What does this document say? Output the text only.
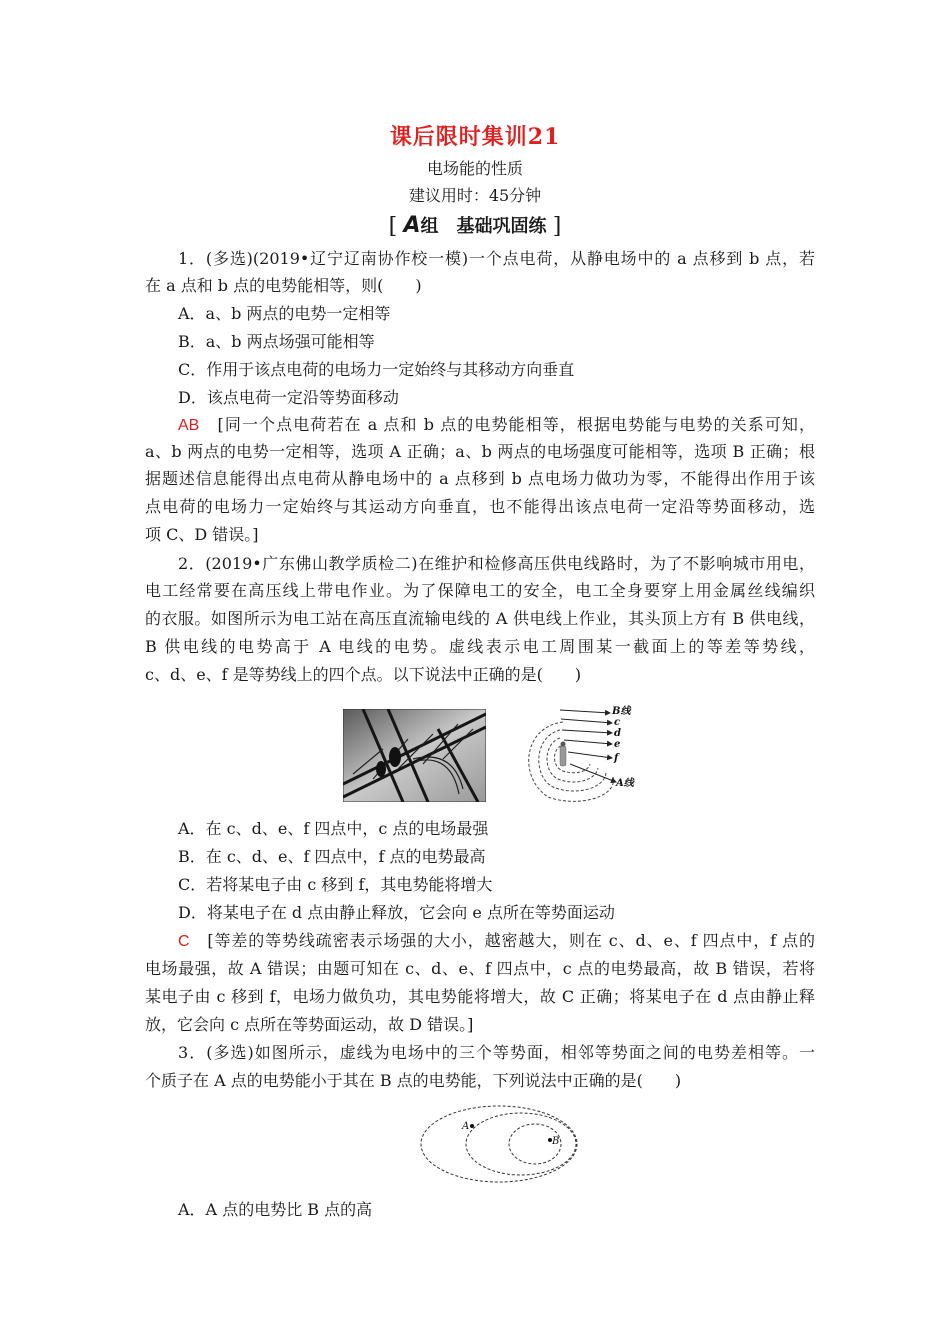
课后限时集训21
电场能的性质
建议用时：45分钟
[ A组　基础巩固练 ]
1．(多选)(2019•辽宁辽南协作校一模)一个点电荷，从静电场中的 a 点移到 b 点，若
在 a 点和 b 点的电势能相等，则(　　)
A．a、b 两点的电势一定相等
B．a、b 两点场强可能相等
C．作用于该点电荷的电场力一定始终与其移动方向垂直
D．该点电荷一定沿等势面移动
AB　 [同一个点电荷若在 a 点和 b 点的电势能相等，根据电势能与电势的关系可知，
a、b 两点的电势一定相等，选项 A 正确；a、b 两点的电场强度可能相等，选项 B 正确；根
据题述信息能得出点电荷从静电场中的 a 点移到 b 点电场力做功为零，不能得出作用于该
点电荷的电场力一定始终与其运动方向垂直，也不能得出该点电荷一定沿等势面移动，选
项 C、D 错误。]
2．(2019•广东佛山教学质检二)在维护和检修高压供电线路时，为了不影响城市用电，
电工经常要在高压线上带电作业。为了保障电工的安全，电工全身要穿上用金属丝线编织
的衣服。如图所示为电工站在高压直流输电线的 A 供电线上作业，其头顶上方有 B 供电线，
B 供电线的电势高于 A 电线的电势。虚线表示电工周围某一截面上的等差等势线，
c、d、e、f 是等势线上的四个点。以下说法中正确的是(　　)
B线
c
d
e
f
A线
A．在 c、d、e、f 四点中，c 点的电场最强
B．在 c、d、e、f 四点中，f 点的电势最高
C．若将某电子由 c 移到 f，其电势能将增大
D．将某电子在 d 点由静止释放，它会向 e 点所在等势面运动
C　 [等差的等势线疏密表示场强的大小，越密越大，则在 c、d、e、f 四点中，f 点的
电场最强，故 A 错误；由题可知在 c、d、e、f 四点中，c 点的电势最高，故 B 错误，若将
某电子由 c 移到 f，电场力做负功，其电势能将增大，故 C 正确；将某电子在 d 点由静止释
放，它会向 c 点所在等势面运动，故 D 错误。]
3．(多选)如图所示，虚线为电场中的三个等势面，相邻等势面之间的电势差相等。一
个质子在 A 点的电势能小于其在 B 点的电势能，下列说法中正确的是(　　)
A
B
A．A 点的电势比 B 点的高
